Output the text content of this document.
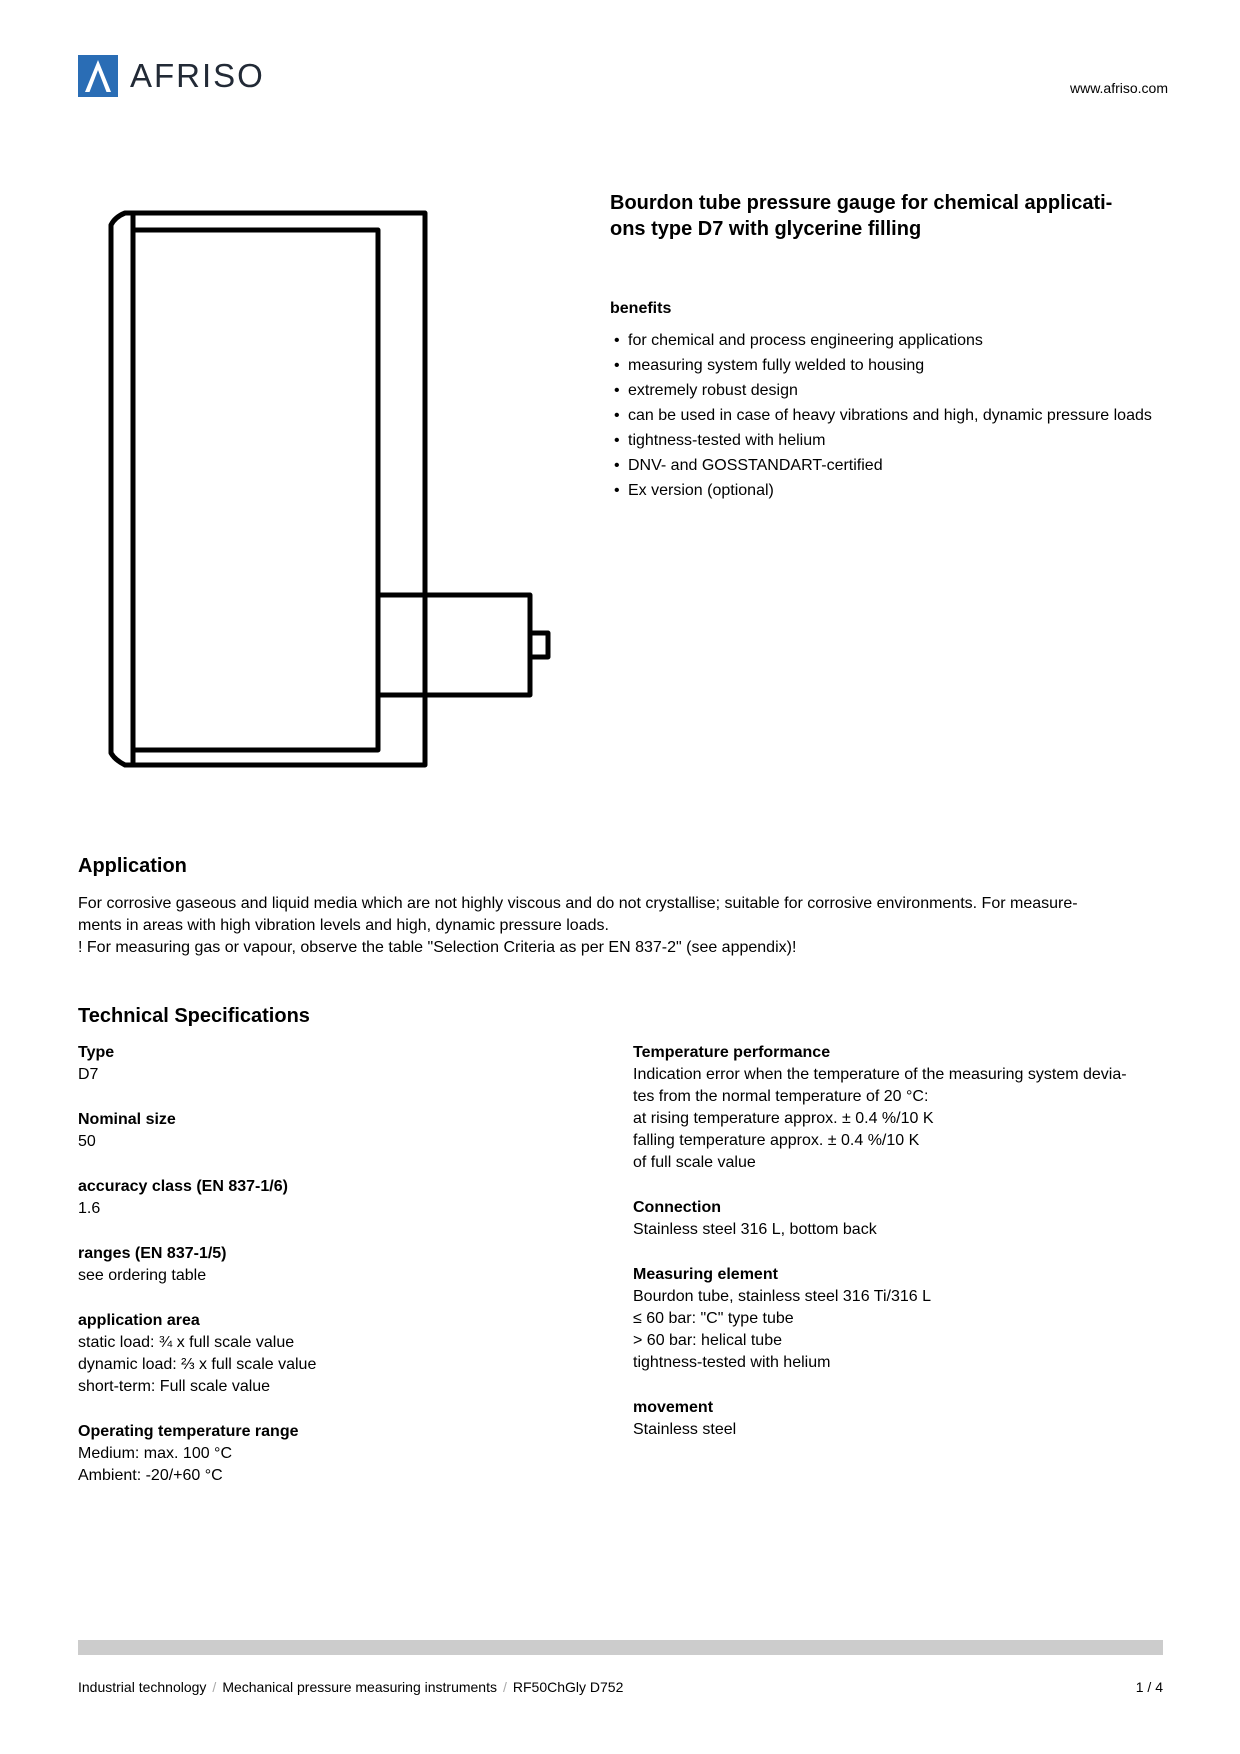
AFRISO	www.afriso.com
Bourdon tube pressure gauge for chemical applicati-
ons type D7 with glycerine filling
benefits
• for chemical and process engineering applications
• measuring system fully welded to housing
• extremely robust design
• can be used in case of heavy vibrations and high, dynamic pressure loads
• tightness-tested with helium
• DNV- and GOSSTANDART-certified
• Ex version (optional)
Application

For corrosive gaseous and liquid media which are not highly viscous and do not crystallise; suitable for corrosive environments. For measure-

ments in areas with high vibration levels and high, dynamic pressure loads.

! For measuring gas or vapour, observe the table "Selection Criteria as per EN 837-2" (see appendix)!

Technical Specifications
Type
D7
Nominal size
50
accuracy class (EN 837-1/6)
1.6
ranges (EN 837-1/5)
see ordering table
application area
static load: ¾ x full scale value
dynamic load: ⅔ x full scale value
short-term: Full scale value
Operating temperature range
Medium: max. 100 °C
Ambient: -20/+60 °C
Temperature performance
Indication error when the temperature of the measuring system devia-
tes from the normal temperature of 20 °C:
at rising temperature approx. ± 0.4 %/10 K
falling temperature approx. ± 0.4 %/10 K
of full scale value
Connection
Stainless steel 316 L, bottom back
Measuring element
Bourdon tube, stainless steel 316 Ti/316 L
≤ 60 bar: "C" type tube
> 60 bar: helical tube
tightness-tested with helium
movement
Stainless steel
Industrial technology / Mechanical pressure measuring instruments / RF50ChGly D752	1 / 4
